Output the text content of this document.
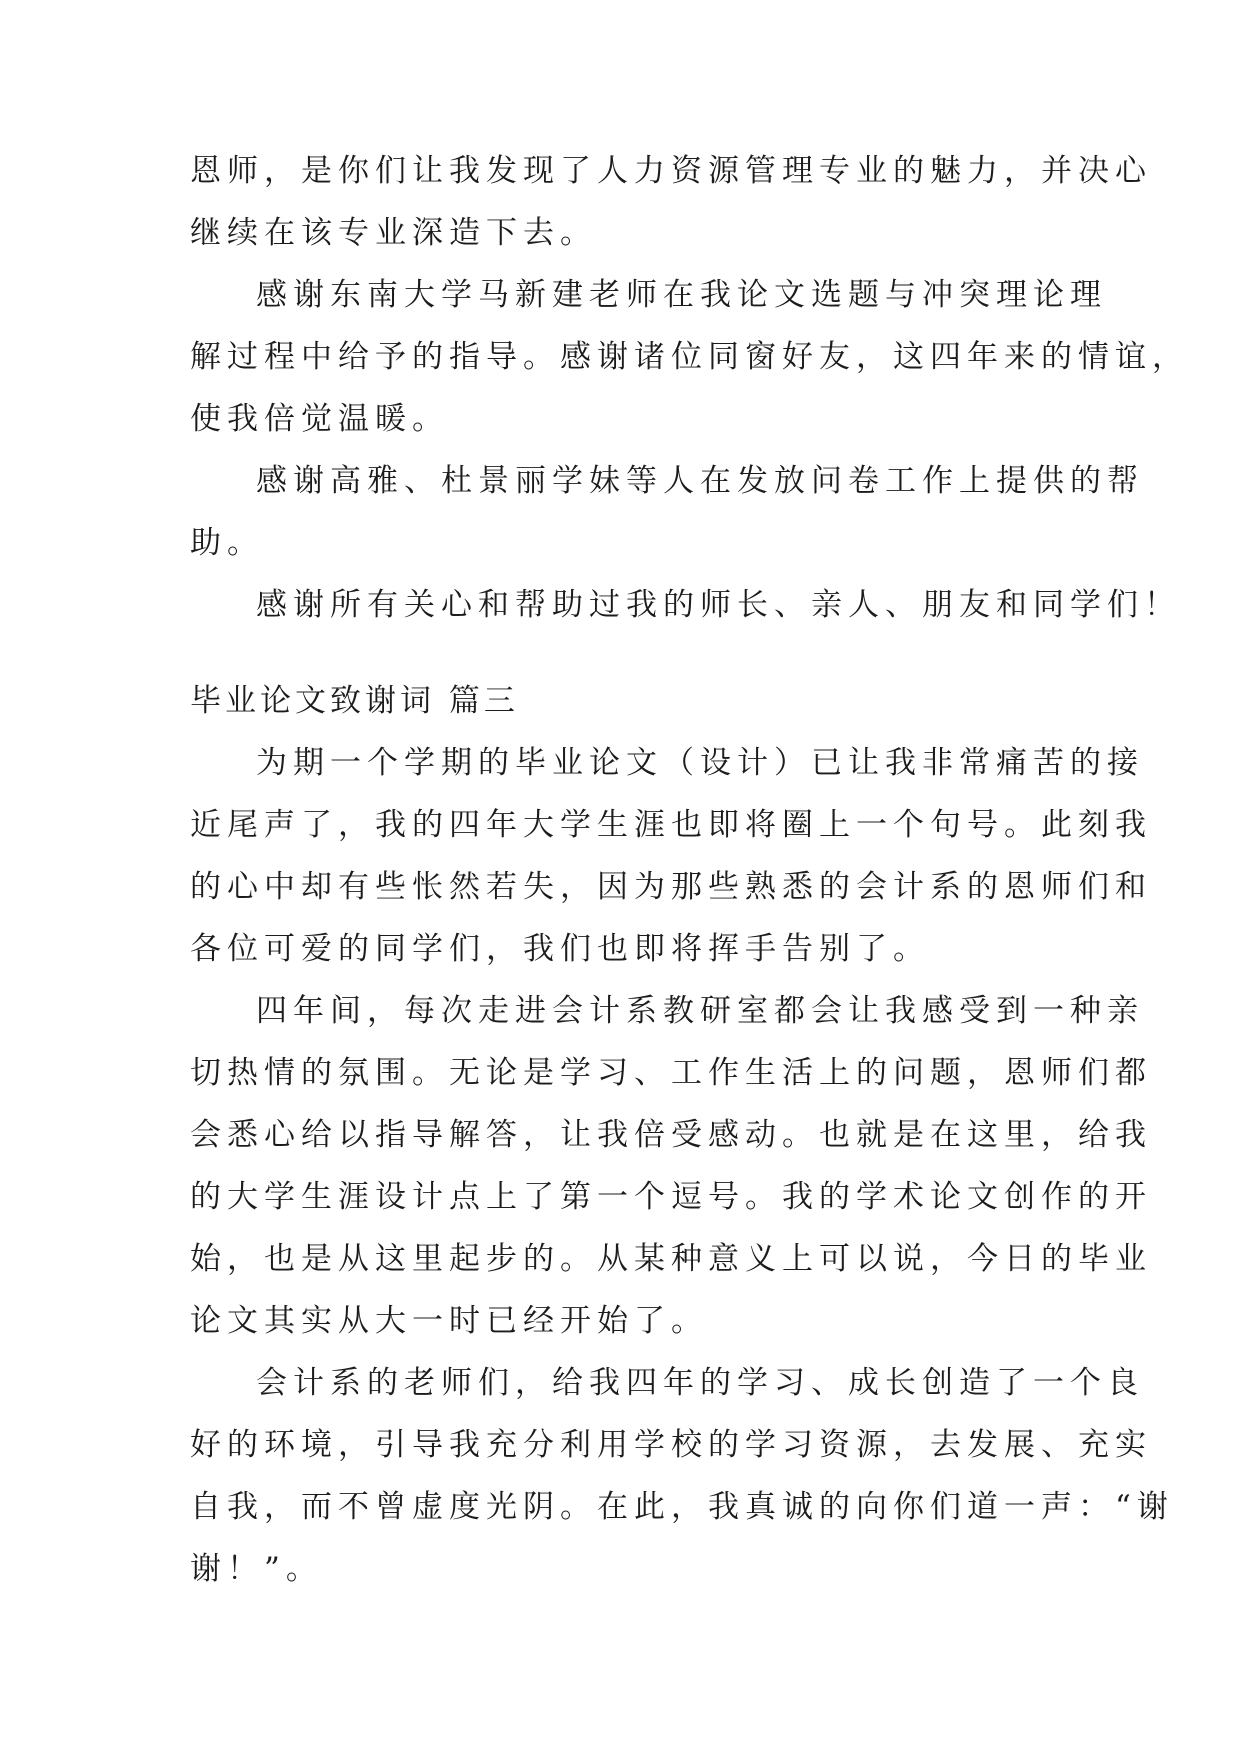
恩师，是你们让我发现了人力资源管理专业的魅力，并决心
继续在该专业深造下去。
感谢东南大学马新建老师在我论文选题与冲突理论理
解过程中给予的指导。感谢诸位同窗好友，这四年来的情谊，
使我倍觉温暖。
感谢高雅、杜景丽学妹等人在发放问卷工作上提供的帮
助。
感谢所有关心和帮助过我的师长、亲人、朋友和同学们！
毕业论文致谢词 篇三
为期一个学期的毕业论文（设计）已让我非常痛苦的接
近尾声了，我的四年大学生涯也即将圈上一个句号。此刻我
的心中却有些怅然若失，因为那些熟悉的会计系的恩师们和
各位可爱的同学们，我们也即将挥手告别了。
四年间，每次走进会计系教研室都会让我感受到一种亲
切热情的氛围。无论是学习、工作生活上的问题，恩师们都
会悉心给以指导解答，让我倍受感动。也就是在这里，给我
的大学生涯设计点上了第一个逗号。我的学术论文创作的开
始，也是从这里起步的。从某种意义上可以说，今日的毕业
论文其实从大一时已经开始了。
会计系的老师们，给我四年的学习、成长创造了一个良
好的环境，引导我充分利用学校的学习资源，去发展、充实
自我，而不曾虚度光阴。在此，我真诚的向你们道一声：“谢
谢！”。
